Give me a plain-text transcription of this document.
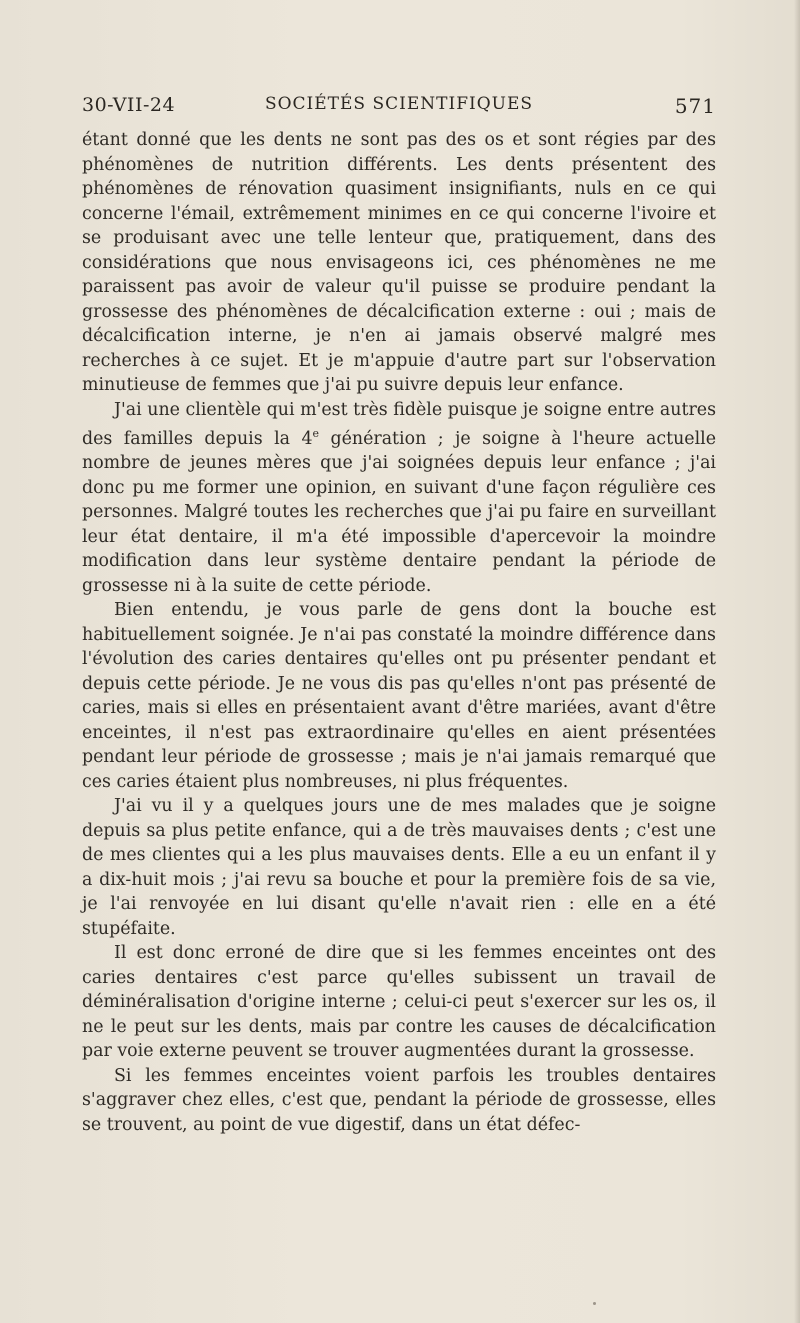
30-VII-24	SOCIÉTÉS SCIENTIFIQUES	571

étant donné que les dents ne sont pas des os et sont régies par des phénomènes de nutrition différents. Les dents présentent des phénomènes de rénovation quasiment insignifiants, nuls en ce qui concerne l'émail, extrêmement minimes en ce qui concerne l'ivoire et se produisant avec une telle lenteur que, pratiquement, dans des considérations que nous envisageons ici, ces phénomènes ne me paraissent pas avoir de valeur qu'il puisse se produire pendant la grossesse des phénomènes de décalcification externe : oui ; mais de décalcification interne, je n'en ai jamais observé malgré mes recherches à ce sujet. Et je m'appuie d'autre part sur l'observation minutieuse de femmes que j'ai pu suivre depuis leur enfance.

J'ai une clientèle qui m'est très fidèle puisque je soigne entre autres des familles depuis la 4e génération ; je soigne à l'heure actuelle nombre de jeunes mères que j'ai soignées depuis leur enfance ; j'ai donc pu me former une opinion, en suivant d'une façon régulière ces personnes. Malgré toutes les recherches que j'ai pu faire en surveillant leur état dentaire, il m'a été impossible d'apercevoir la moindre modification dans leur système dentaire pendant la période de grossesse ni à la suite de cette période.

Bien entendu, je vous parle de gens dont la bouche est habituellement soignée. Je n'ai pas constaté la moindre différence dans l'évolution des caries dentaires qu'elles ont pu présenter pendant et depuis cette période. Je ne vous dis pas qu'elles n'ont pas présenté de caries, mais si elles en présentaient avant d'être mariées, avant d'être enceintes, il n'est pas extraordinaire qu'elles en aient présentées pendant leur période de grossesse ; mais je n'ai jamais remarqué que ces caries étaient plus nombreuses, ni plus fréquentes.

J'ai vu il y a quelques jours une de mes malades que je soigne depuis sa plus petite enfance, qui a de très mauvaises dents ; c'est une de mes clientes qui a les plus mauvaises dents. Elle a eu un enfant il y a dix-huit mois ; j'ai revu sa bouche et pour la première fois de sa vie, je l'ai renvoyée en lui disant qu'elle n'avait rien : elle en a été stupéfaite.

Il est donc erroné de dire que si les femmes enceintes ont des caries dentaires c'est parce qu'elles subissent un travail de déminéralisation d'origine interne ; celui-ci peut s'exercer sur les os, il ne le peut sur les dents, mais par contre les causes de décalcification par voie externe peuvent se trouver augmentées durant la grossesse.

Si les femmes enceintes voient parfois les troubles dentaires s'aggraver chez elles, c'est que, pendant la période de grossesse, elles se trouvent, au point de vue digestif, dans un état défec-
